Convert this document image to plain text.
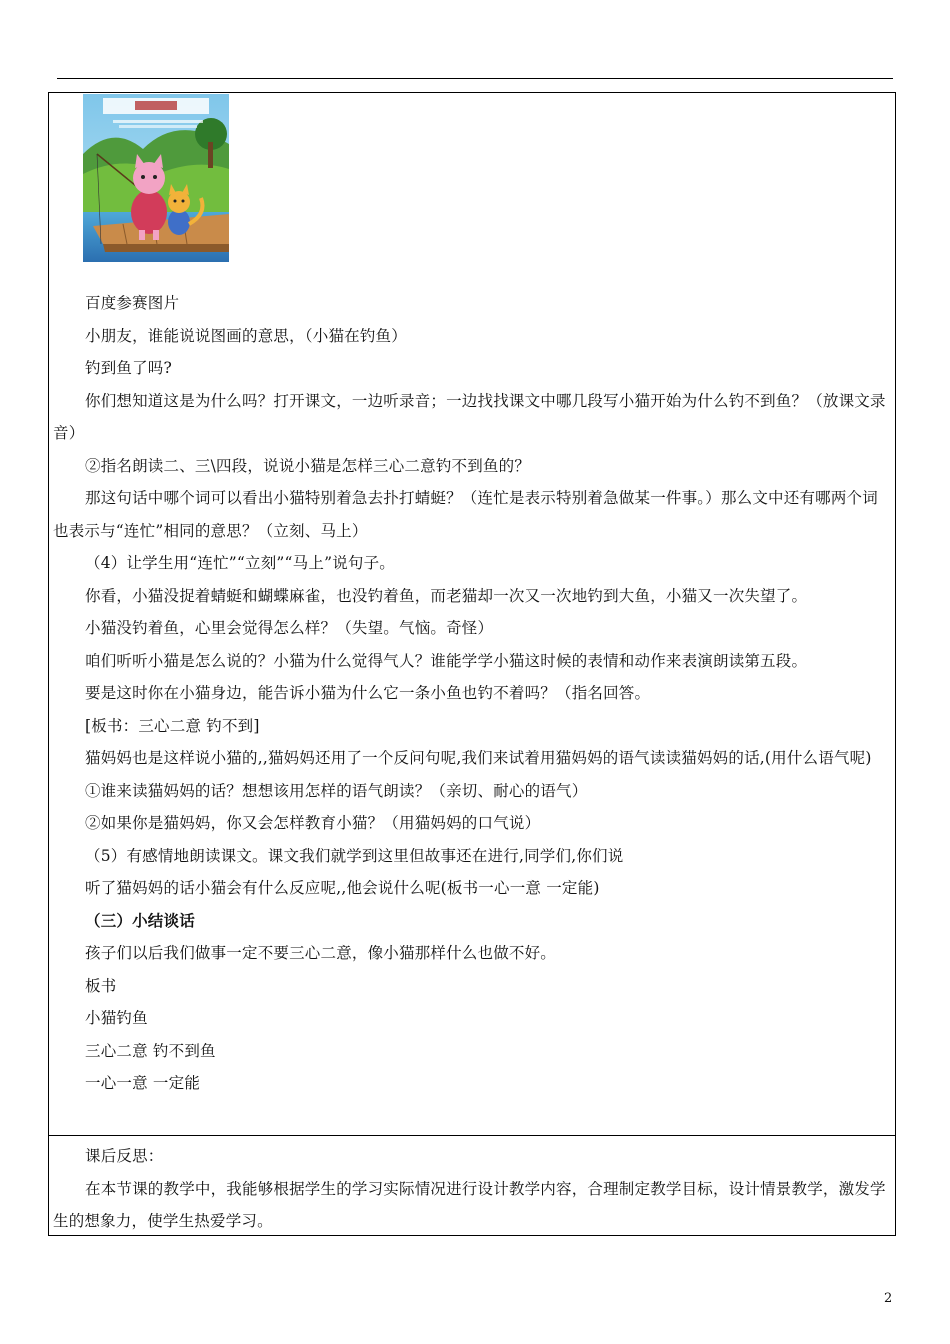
百度参赛图片

小朋友，谁能说说图画的意思，（小猫在钓鱼）

钓到鱼了吗?

你们想知道这是为什么吗？打开课文，一边听录音；一边找找课文中哪几段写小猫开始为什么钓不到鱼？（放课文录音）

②指名朗读二、三\四段，说说小猫是怎样三心二意钓不到鱼的？

那这句话中哪个词可以看出小猫特别着急去扑打蜻蜓？（连忙是表示特别着急做某一件事。）那么文中还有哪两个词也表示与“连忙”相同的意思？（立刻、马上）

（4）让学生用“连忙”“立刻”“马上”说句子。

你看，小猫没捉着蜻蜓和蝴蝶麻雀，也没钓着鱼，而老猫却一次又一次地钓到大鱼，小猫又一次失望了。

小猫没钓着鱼，心里会觉得怎么样？（失望。气恼。奇怪）

咱们听听小猫是怎么说的？小猫为什么觉得气人？谁能学学小猫这时候的表情和动作来表演朗读第五段。

要是这时你在小猫身边，能告诉小猫为什么它一条小鱼也钓不着吗？（指名回答。

[板书：三心二意 钓不到]

猫妈妈也是这样说小猫的,,猫妈妈还用了一个反问句呢,我们来试着用猫妈妈的语气读读猫妈妈的话,(用什么语气呢)

①谁来读猫妈妈的话？想想该用怎样的语气朗读？（亲切、耐心的语气）

②如果你是猫妈妈，你又会怎样教育小猫？（用猫妈妈的口气说）

（5）有感情地朗读课文。课文我们就学到这里但故事还在进行,同学们,你们说

听了猫妈妈的话小猫会有什么反应呢,,他会说什么呢(板书一心一意 一定能)

（三）小结谈话

孩子们以后我们做事一定不要三心二意，像小猫那样什么也做不好。

板书

小猫钓鱼

三心二意 钓不到鱼

一心一意 一定能

课后反思：

在本节课的教学中，我能够根据学生的学习实际情况进行设计教学内容，合理制定教学目标，设计情景教学，激发学生的想象力，使学生热爱学习。

2
